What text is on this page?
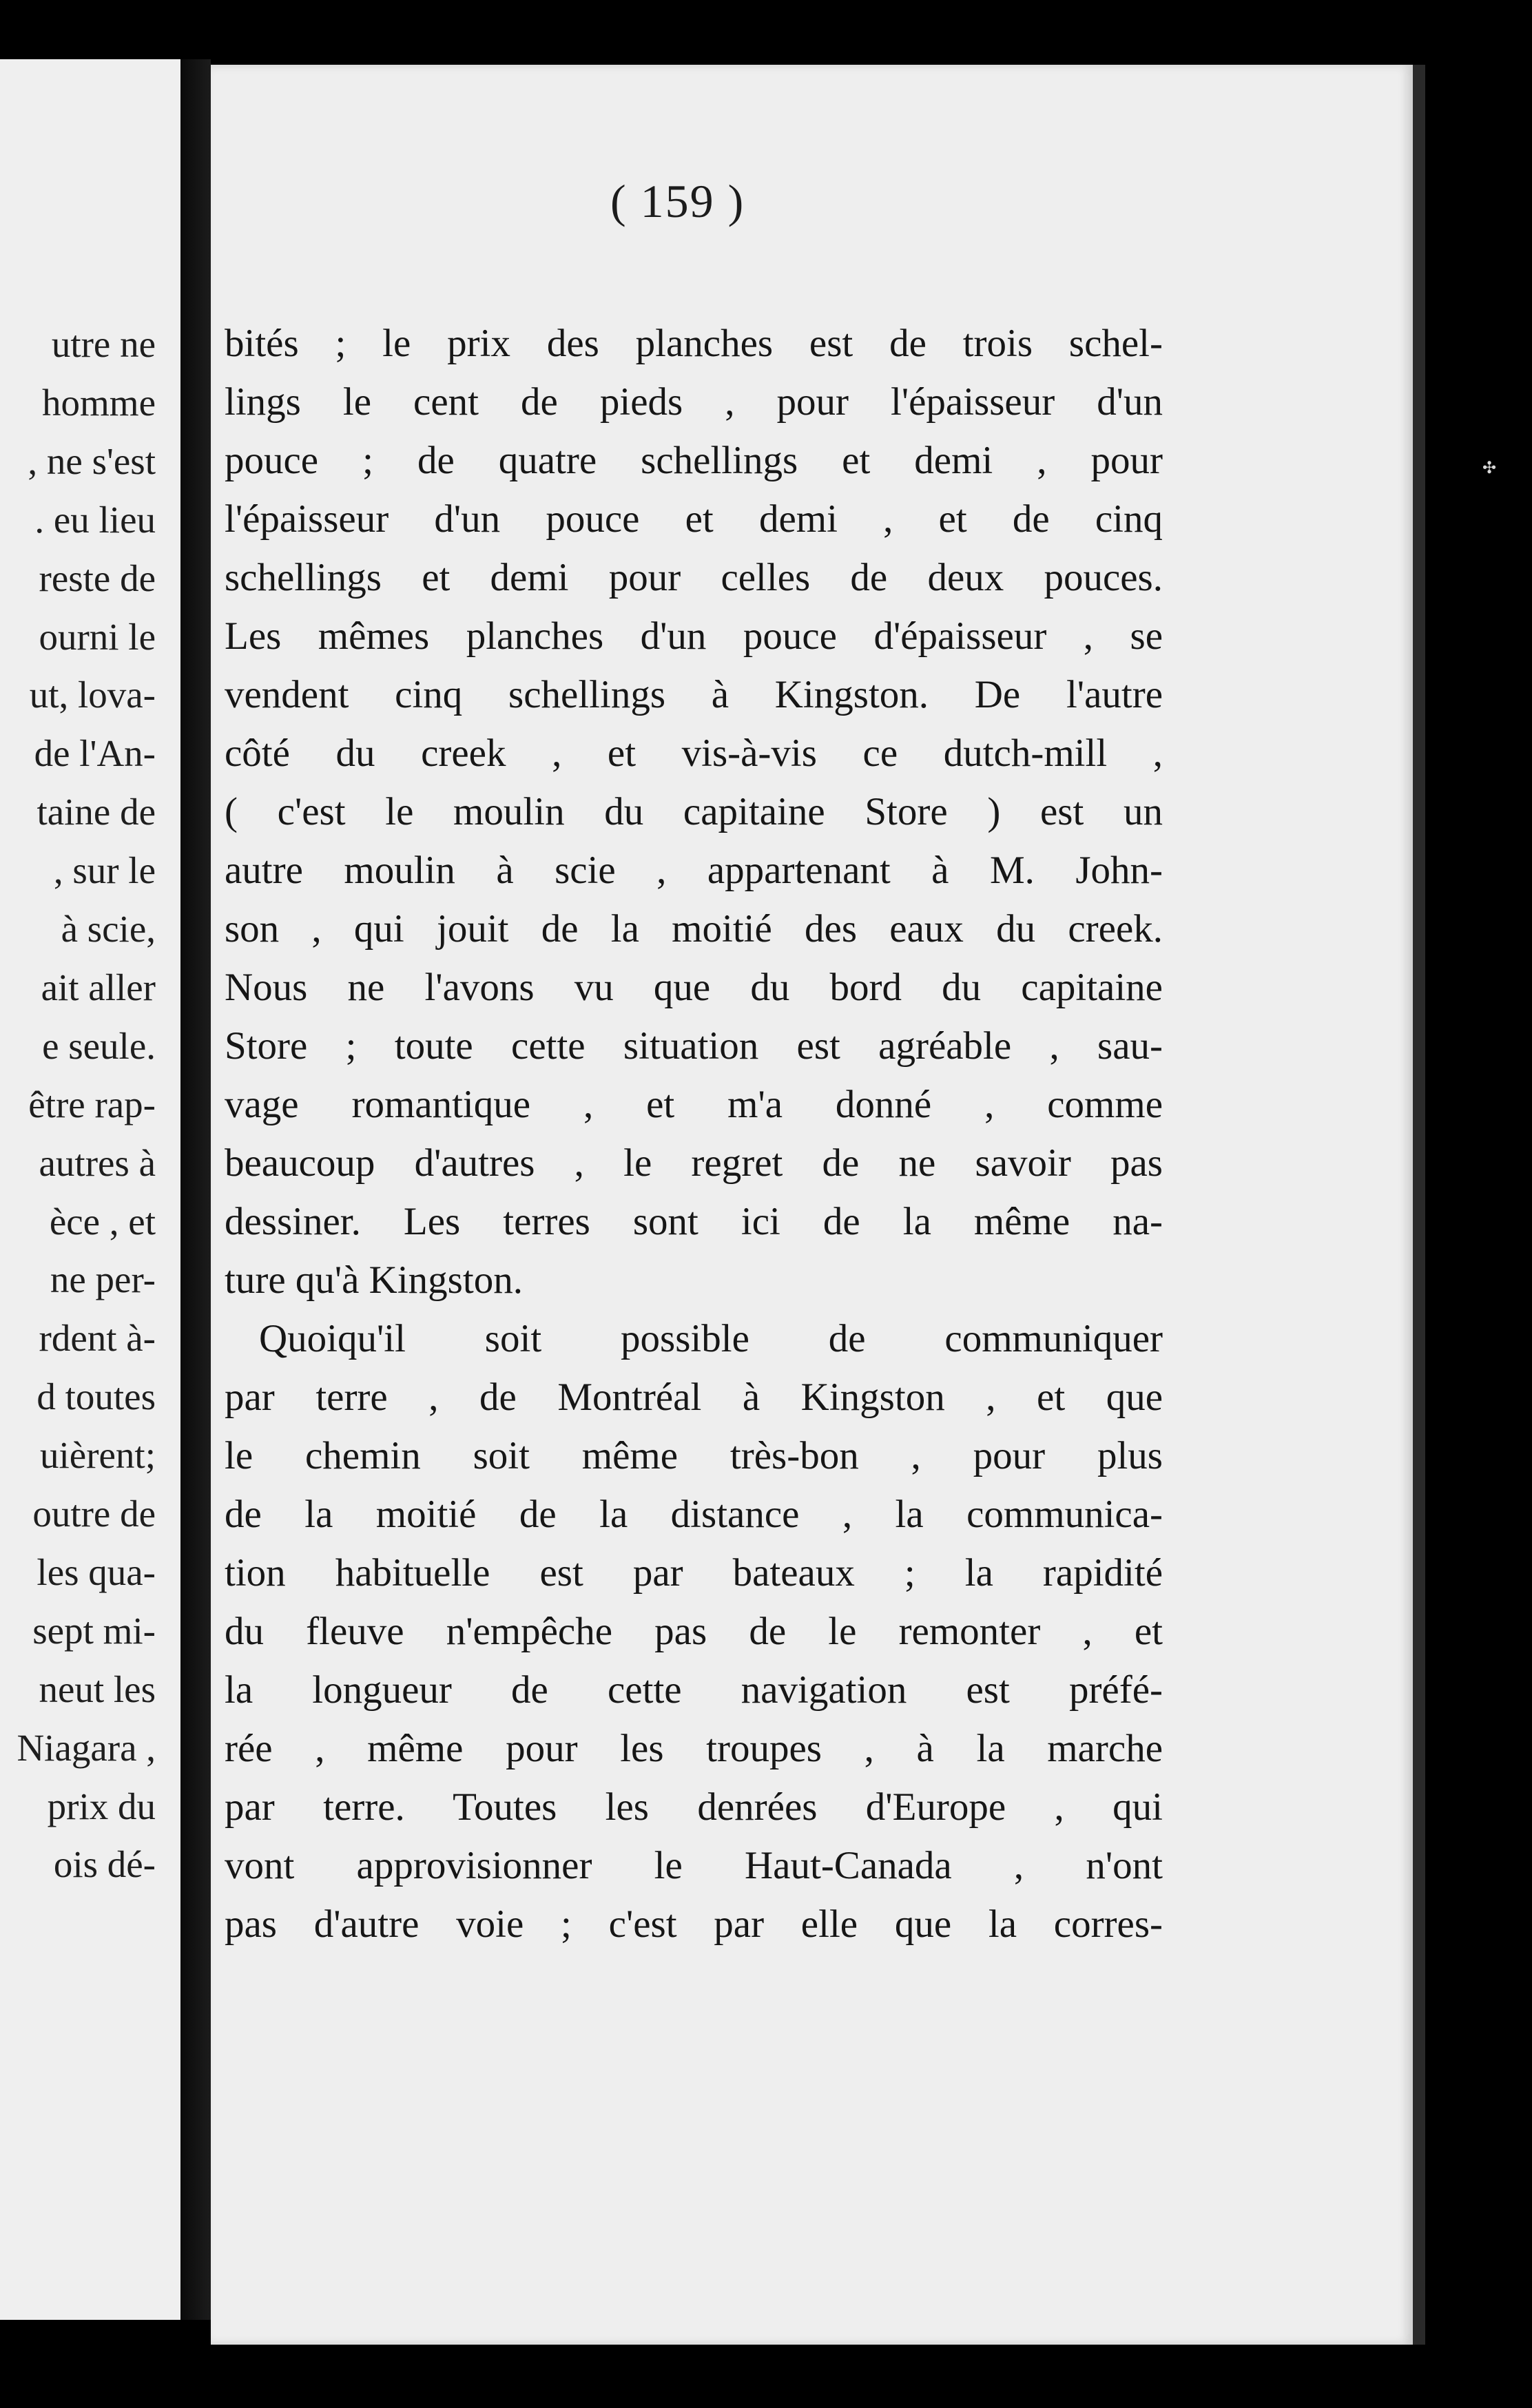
( 159 )
utre ne
homme
, ne s'est
. eu lieu
reste de
ourni le
ut, lova-
de l'An-
taine de
, sur le
à scie,
ait aller
e seule.
être rap-
autres à
èce , et
ne per-
rdent à-
d toutes
uièrent;
outre de
les qua-
sept mi-
neut les
Niagara ,
prix du
ois dé-
bités ; le prix des planches est de trois schel-
lings le cent de pieds , pour l'épaisseur d'un
pouce ; de quatre schellings et demi , pour
l'épaisseur d'un pouce et demi , et de cinq
schellings et demi pour celles de deux pouces.
Les mêmes planches d'un pouce d'épaisseur , se
vendent cinq schellings à Kingston. De l'autre
côté du creek , et vis-à-vis ce dutch-mill ,
( c'est le moulin du capitaine Store ) est un
autre moulin à scie , appartenant à M. John-
son , qui jouit de la moitié des eaux du creek.
Nous ne l'avons vu que du bord du capitaine
Store ; toute cette situation est agréable , sau-
vage romantique , et m'a donné , comme
beaucoup d'autres , le regret de ne savoir pas
dessiner. Les terres sont ici de la même na-
ture qu'à Kingston.
Quoiqu'il soit possible de communiquer
par terre , de Montréal à Kingston , et que
le chemin soit même très-bon , pour plus
de la moitié de la distance , la communica-
tion habituelle est par bateaux ; la rapidité
du fleuve n'empêche pas de le remonter , et
la longueur de cette navigation est préfé-
rée , même pour les troupes , à la marche
par terre. Toutes les denrées d'Europe , qui
vont approvisionner le Haut-Canada , n'ont
pas d'autre voie ; c'est par elle que la corres-
✣
